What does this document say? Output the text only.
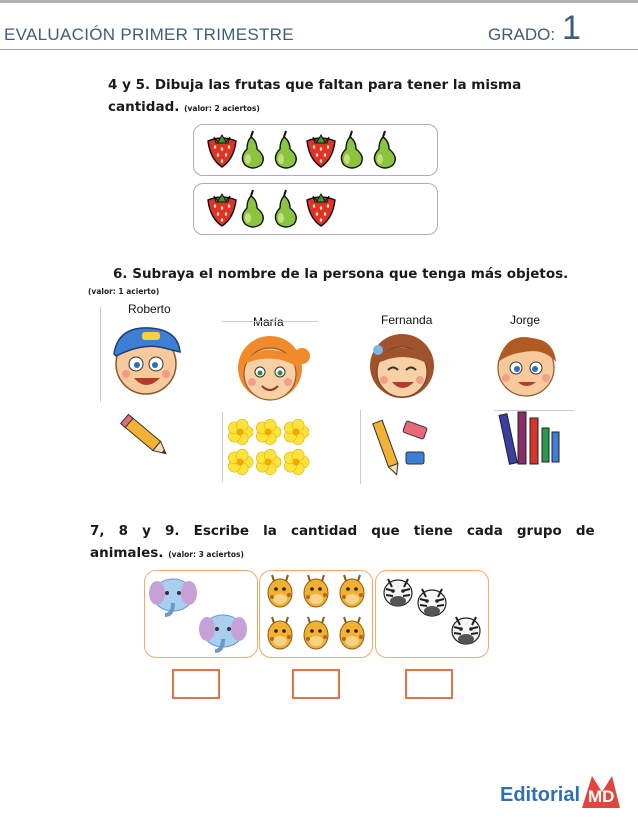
EVALUACIÓN PRIMER TRIMESTRE	GRADO: 1
4 y 5. Dibuja las frutas que faltan para tener la misma
cantidad. (valor: 2 aciertos)
6. Subraya el nombre de la persona que tenga más objetos.
(valor: 1 acierto)
Roberto
María	Fernanda	Jorge
7,   8   y   9.   Escribe   la   cantidad   que   tiene   cada   grupo   de
animales. (valor: 3 aciertos)
Editorial MD
